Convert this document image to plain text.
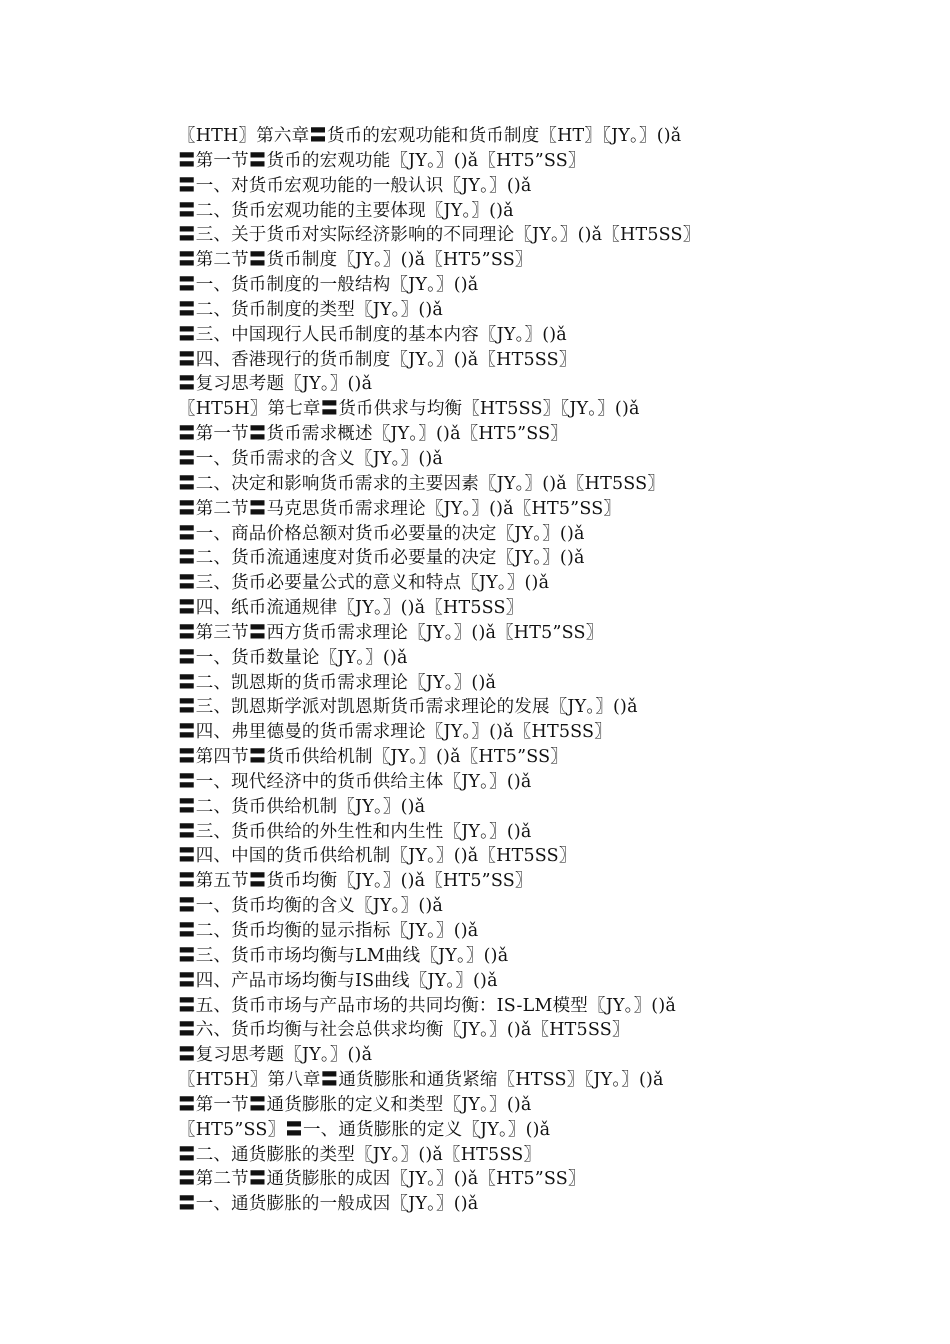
〖HTH〗第六章〓货币的宏观功能和货币制度〖HT〗〖JY。〗()ǎ
〓第一节〓货币的宏观功能〖JY。〗()ǎ〖HT5”SS〗
〓一、对货币宏观功能的一般认识〖JY。〗()ǎ
〓二、货币宏观功能的主要体现〖JY。〗()ǎ
〓三、关于货币对实际经济影响的不同理论〖JY。〗()ǎ〖HT5SS〗
〓第二节〓货币制度〖JY。〗()ǎ〖HT5”SS〗
〓一、货币制度的一般结构〖JY。〗()ǎ
〓二、货币制度的类型〖JY。〗()ǎ
〓三、中国现行人民币制度的基本内容〖JY。〗()ǎ
〓四、香港现行的货币制度〖JY。〗()ǎ〖HT5SS〗
〓复习思考题〖JY。〗()ǎ
〖HT5H〗第七章〓货币供求与均衡〖HT5SS〗〖JY。〗()ǎ
〓第一节〓货币需求概述〖JY。〗()ǎ〖HT5”SS〗
〓一、货币需求的含义〖JY。〗()ǎ
〓二、决定和影响货币需求的主要因素〖JY。〗()ǎ〖HT5SS〗
〓第二节〓马克思货币需求理论〖JY。〗()ǎ〖HT5”SS〗
〓一、商品价格总额对货币必要量的决定〖JY。〗()ǎ
〓二、货币流通速度对货币必要量的决定〖JY。〗()ǎ
〓三、货币必要量公式的意义和特点〖JY。〗()ǎ
〓四、纸币流通规律〖JY。〗()ǎ〖HT5SS〗
〓第三节〓西方货币需求理论〖JY。〗()ǎ〖HT5”SS〗
〓一、货币数量论〖JY。〗()ǎ
〓二、凯恩斯的货币需求理论〖JY。〗()ǎ
〓三、凯恩斯学派对凯恩斯货币需求理论的发展〖JY。〗()ǎ
〓四、弗里德曼的货币需求理论〖JY。〗()ǎ〖HT5SS〗
〓第四节〓货币供给机制〖JY。〗()ǎ〖HT5”SS〗
〓一、现代经济中的货币供给主体〖JY。〗()ǎ
〓二、货币供给机制〖JY。〗()ǎ
〓三、货币供给的外生性和内生性〖JY。〗()ǎ
〓四、中国的货币供给机制〖JY。〗()ǎ〖HT5SS〗
〓第五节〓货币均衡〖JY。〗()ǎ〖HT5”SS〗
〓一、货币均衡的含义〖JY。〗()ǎ
〓二、货币均衡的显示指标〖JY。〗()ǎ
〓三、货币市场均衡与LM曲线〖JY。〗()ǎ
〓四、产品市场均衡与IS曲线〖JY。〗()ǎ
〓五、货币市场与产品市场的共同均衡：IS-LM模型〖JY。〗()ǎ
〓六、货币均衡与社会总供求均衡〖JY。〗()ǎ〖HT5SS〗
〓复习思考题〖JY。〗()ǎ
〖HT5H〗第八章〓通货膨胀和通货紧缩〖HTSS〗〖JY。〗()ǎ
〓第一节〓通货膨胀的定义和类型〖JY。〗()ǎ
〖HT5”SS〗〓一、通货膨胀的定义〖JY。〗()ǎ
〓二、通货膨胀的类型〖JY。〗()ǎ〖HT5SS〗
〓第二节〓通货膨胀的成因〖JY。〗()ǎ〖HT5”SS〗
〓一、通货膨胀的一般成因〖JY。〗()ǎ
